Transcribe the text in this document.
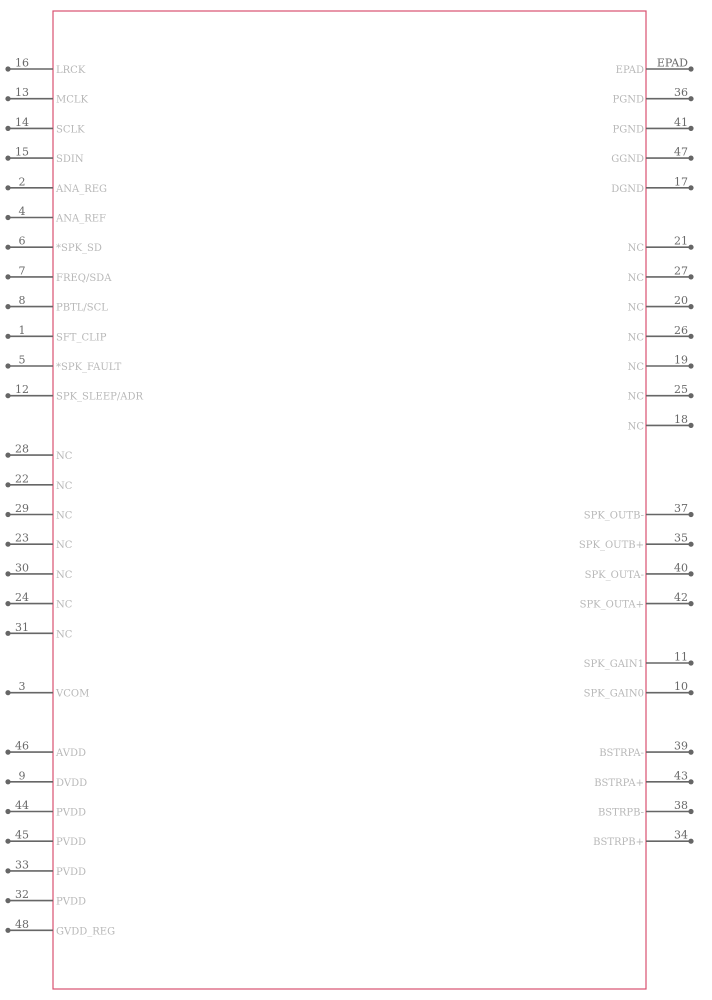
16
LRCK
13
MCLK
14
SCLK
15
SDIN
2
ANA_REG
4
ANA_REF
6
*SPK_SD
7
FREQ/SDA
8
PBTL/SCL
1
SFT_CLIP
5
*SPK_FAULT
12
SPK_SLEEP/ADR
28
NC
22
NC
29
NC
23
NC
30
NC
24
NC
31
NC
3
VCOM
46
AVDD
9
DVDD
44
PVDD
45
PVDD
33
PVDD
32
PVDD
48
GVDD_REG
EPAD
EPAD
36
PGND
41
PGND
47
GGND
17
DGND
21
NC
27
NC
20
NC
26
NC
19
NC
25
NC
18
NC
37
SPK_OUTB-
35
SPK_OUTB+
40
SPK_OUTA-
42
SPK_OUTA+
11
SPK_GAIN1
10
SPK_GAIN0
39
BSTRPA-
43
BSTRPA+
38
BSTRPB-
34
BSTRPB+
